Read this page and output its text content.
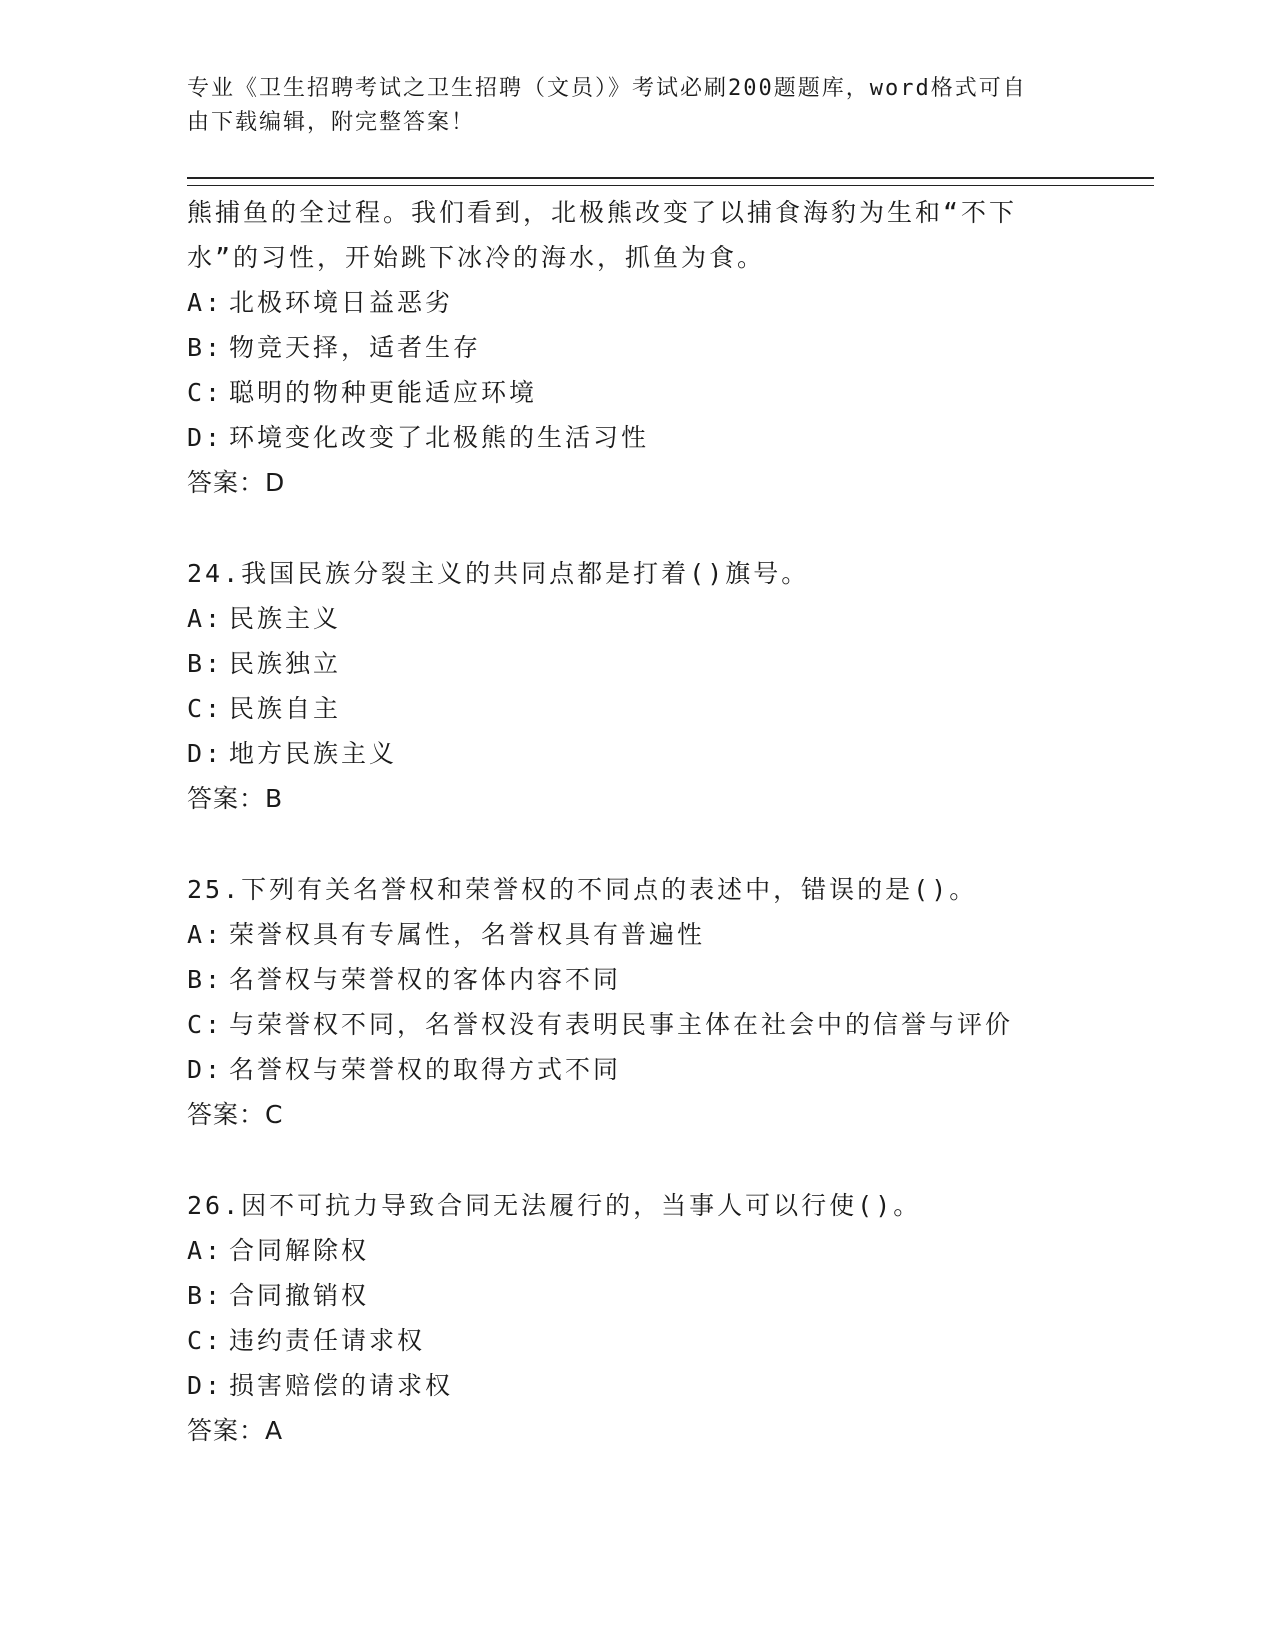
专业《卫生招聘考试之卫生招聘（文员）》考试必刷200题题库，word格式可自
由下载编辑，附完整答案！
熊捕鱼的全过程。我们看到，北极熊改变了以捕食海豹为生和“不下
水”的习性，开始跳下冰冷的海水，抓鱼为食。
A: 北极环境日益恶劣
B: 物竞天择，适者生存
C: 聪明的物种更能适应环境
D: 环境变化改变了北极熊的生活习性
答案：D
24.我国民族分裂主义的共同点都是打着()旗号。
A: 民族主义
B: 民族独立
C: 民族自主
D: 地方民族主义
答案：B
25.下列有关名誉权和荣誉权的不同点的表述中，错误的是()。
A: 荣誉权具有专属性，名誉权具有普遍性
B: 名誉权与荣誉权的客体内容不同
C: 与荣誉权不同，名誉权没有表明民事主体在社会中的信誉与评价
D: 名誉权与荣誉权的取得方式不同
答案：C
26.因不可抗力导致合同无法履行的，当事人可以行使()。
A: 合同解除权
B: 合同撤销权
C: 违约责任请求权
D: 损害赔偿的请求权
答案：A
